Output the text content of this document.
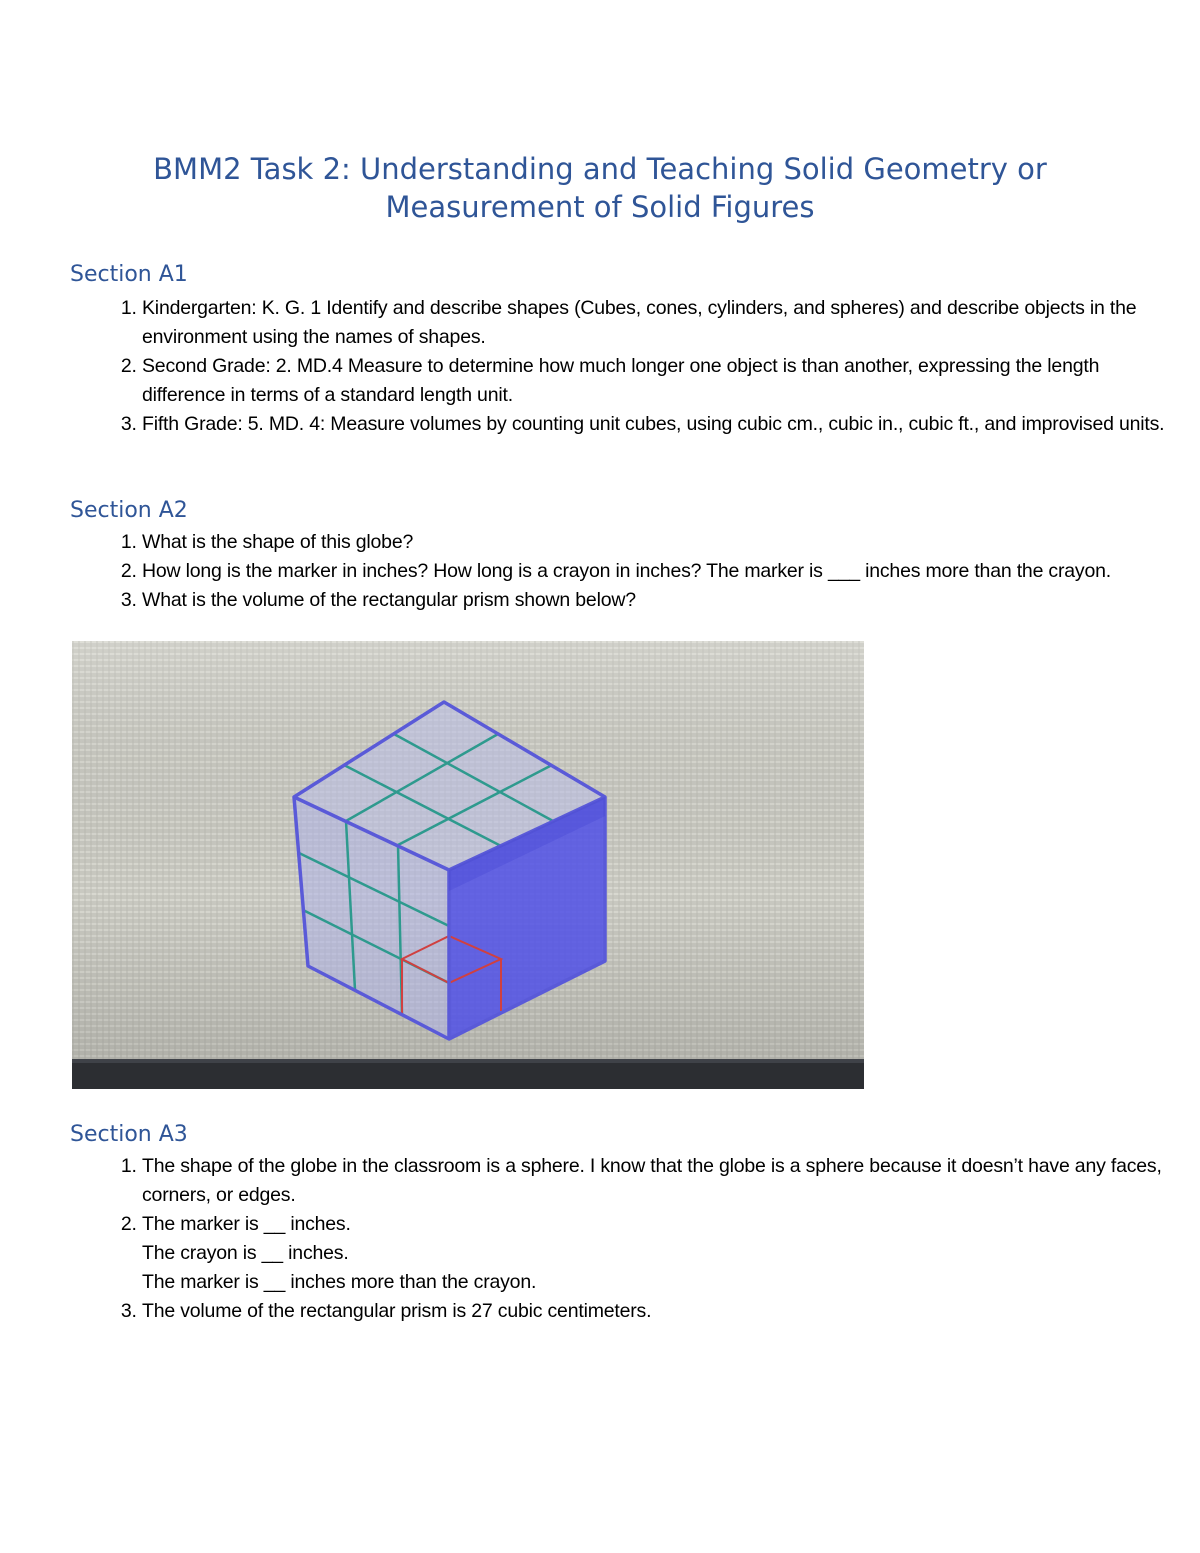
BMM2 Task 2: Understanding and Teaching Solid Geometry or
Measurement of Solid Figures
Section A1
1. Kindergarten: K. G. 1 Identify and describe shapes (Cubes, cones, cylinders, and spheres) and describe objects in the environment using the names of shapes.
2. Second Grade: 2. MD.4 Measure to determine how much longer one object is than another, expressing the length difference in terms of a standard length unit.
3. Fifth Grade: 5. MD. 4: Measure volumes by counting unit cubes, using cubic cm., cubic in., cubic ft., and improvised units.
Section A2
1. What is the shape of this globe?
2. How long is the marker in inches? How long is a crayon in inches? The marker is ___ inches more than the crayon.
3. What is the volume of the rectangular prism shown below?
Section A3
1. The shape of the globe in the classroom is a sphere. I know that the globe is a sphere because it doesn’t have any faces, corners, or edges.
2. The marker is __ inches.
The crayon is __ inches.
The marker is __ inches more than the crayon.
3. The volume of the rectangular prism is 27 cubic centimeters.
